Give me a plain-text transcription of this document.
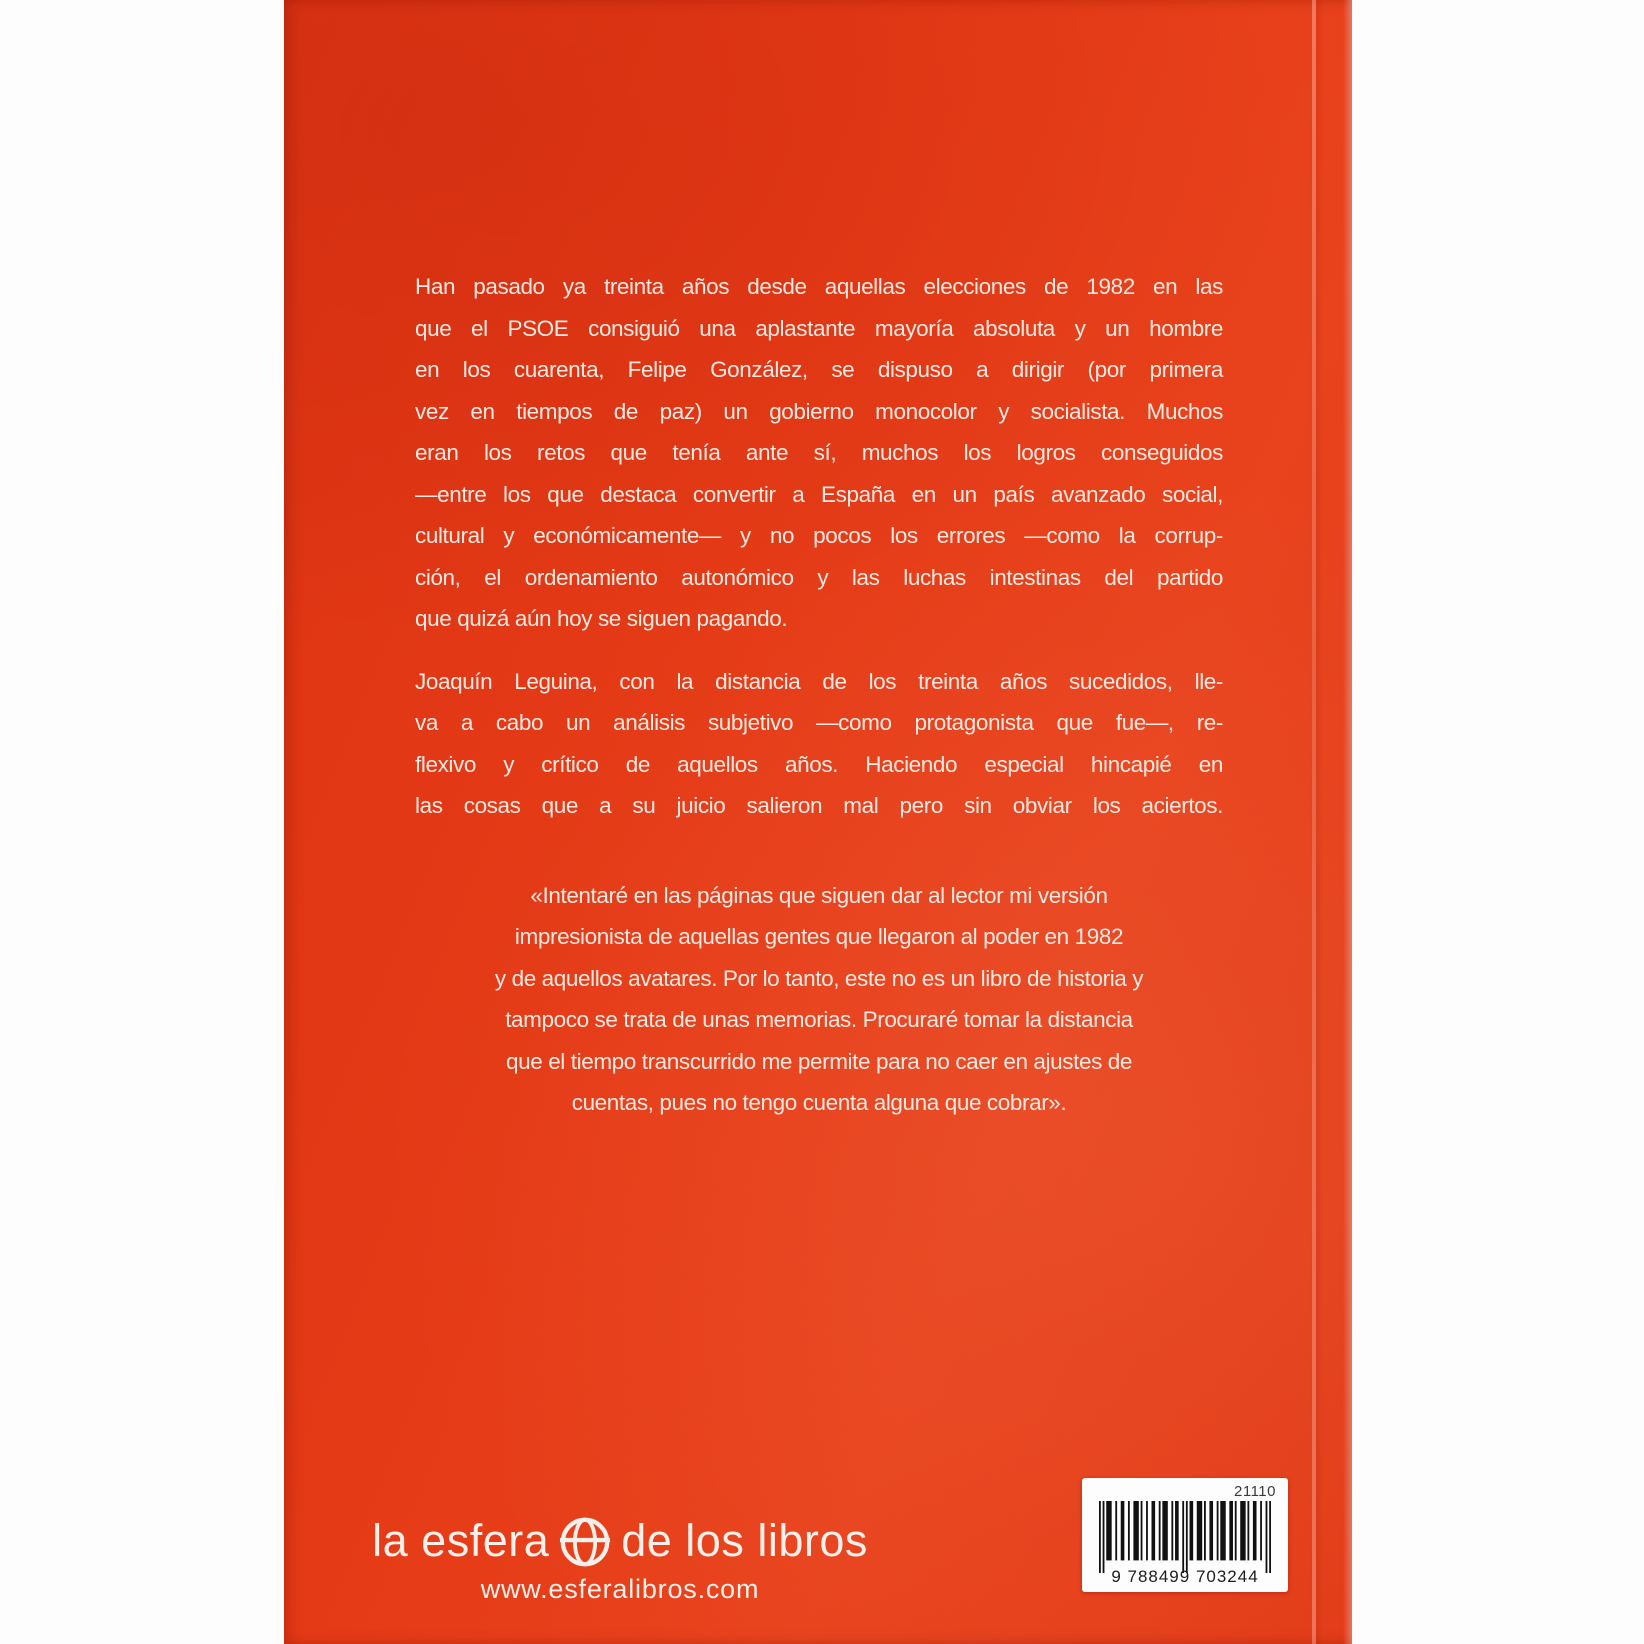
Han pasado ya treinta años desde aquellas elecciones de 1982 en las
que el PSOE consiguió una aplastante mayoría absoluta y un hombre
en los cuarenta, Felipe González, se dispuso a dirigir (por primera
vez en tiempos de paz) un gobierno monocolor y socialista. Muchos
eran los retos que tenía ante sí, muchos los logros conseguidos
—entre los que destaca convertir a España en un país avanzado social,
cultural y económicamente— y no pocos los errores —como la corrup-
ción, el ordenamiento autonómico y las luchas intestinas del partido
que quizá aún hoy se siguen pagando.
Joaquín Leguina, con la distancia de los treinta años sucedidos, lle-
va a cabo un análisis subjetivo —como protagonista que fue—, re-
flexivo y crítico de aquellos años. Haciendo especial hincapié en
las cosas que a su juicio salieron mal pero sin obviar los aciertos.
«Intentaré en las páginas que siguen dar al lector mi versión
impresionista de aquellas gentes que llegaron al poder en 1982
y de aquellos avatares. Por lo tanto, este no es un libro de historia y
tampoco se trata de unas memorias. Procuraré tomar la distancia
que el tiempo transcurrido me permite para no caer en ajustes de
cuentas, pues no tengo cuenta alguna que cobrar».
la esfera de los libros
www.esferalibros.com
21110
9 788499 703244
